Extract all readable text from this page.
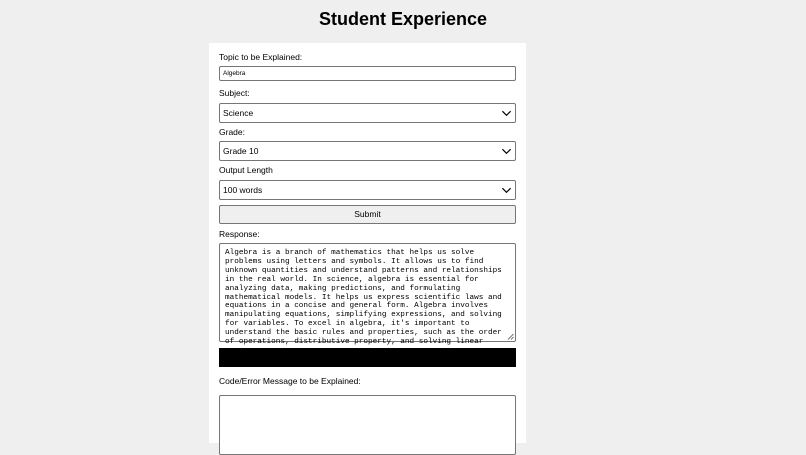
Student Experience
Topic to be Explained:
Algebra
Subject:
Science
Grade:
Grade 10
Output Length
100 words
Submit
Response:
Algebra is a branch of mathematics that helps us solve
problems using letters and symbols. It allows us to find
unknown quantities and understand patterns and relationships
in the real world. In science, algebra is essential for
analyzing data, making predictions, and formulating
mathematical models. It helps us express scientific laws and
equations in a concise and general form. Algebra involves
manipulating equations, simplifying expressions, and solving
for variables. To excel in algebra, it's important to
understand the basic rules and properties, such as the order
of operations, distributive property, and solving linear
Code/Error Message to be Explained:
